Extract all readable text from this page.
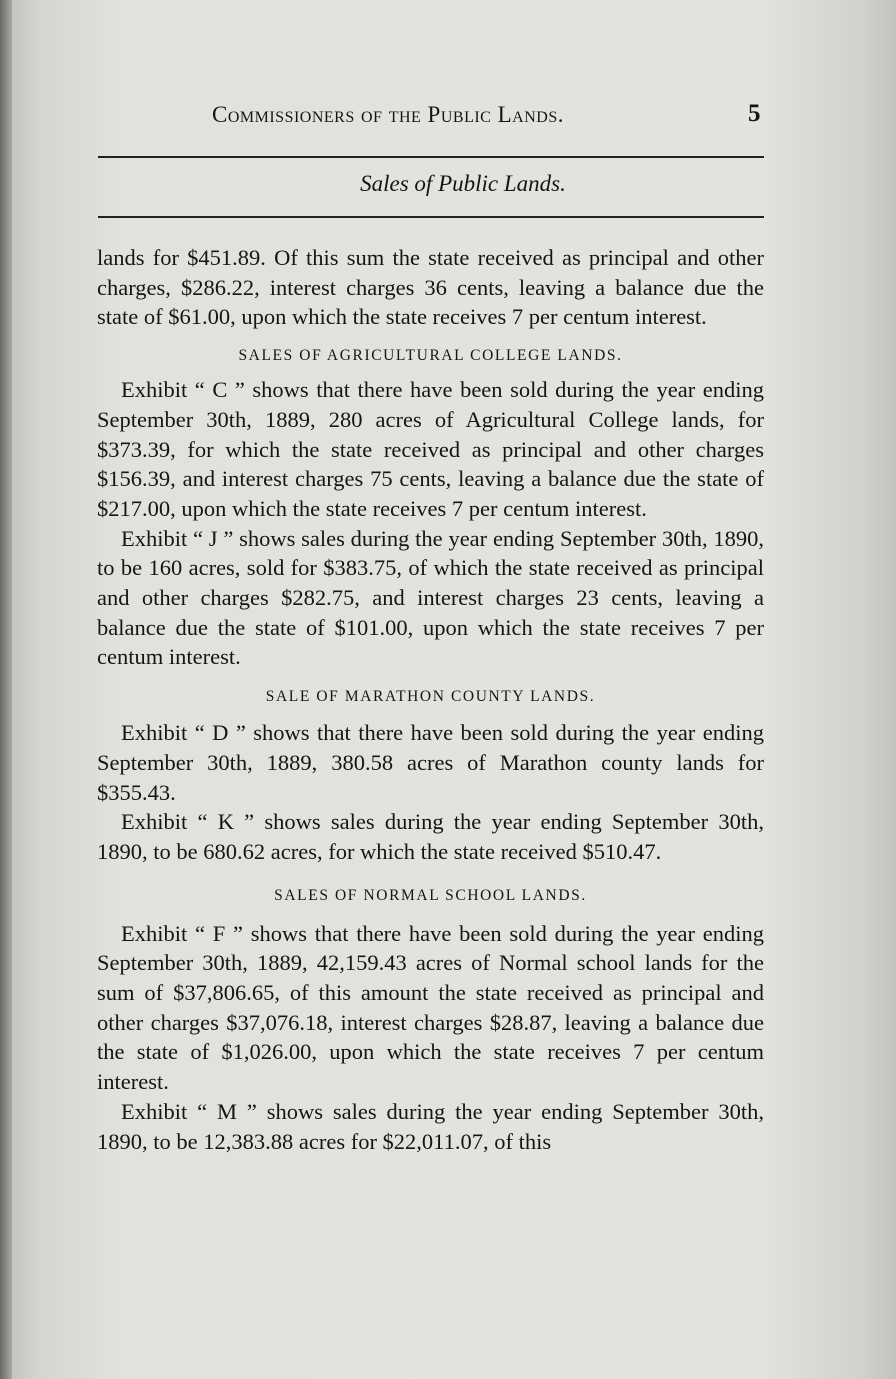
Commissioners of the Public Lands.	5
Sales of Public Lands.

lands for $451.89. Of this sum the state received as principal and other charges, $286.22, interest charges 36 cents, leaving a balance due the state of $61.00, upon which the state receives 7 per centum interest.

SALES OF AGRICULTURAL COLLEGE LANDS.

Exhibit “ C ” shows that there have been sold during the year ending September 30th, 1889, 280 acres of Agricultural College lands, for $373.39, for which the state received as principal and other charges $156.39, and interest charges 75 cents, leaving a balance due the state of $217.00, upon which the state receives 7 per centum interest.

Exhibit “ J ” shows sales during the year ending September 30th, 1890, to be 160 acres, sold for $383.75, of which the state received as principal and other charges $282.75, and interest charges 23 cents, leaving a balance due the state of $101.00, upon which the state receives 7 per centum interest.

SALE OF MARATHON COUNTY LANDS.

Exhibit “ D ” shows that there have been sold during the year ending September 30th, 1889, 380.58 acres of Marathon county lands for $355.43.

Exhibit “ K ” shows sales during the year ending September 30th, 1890, to be 680.62 acres, for which the state received $510.47.

SALES OF NORMAL SCHOOL LANDS.

Exhibit “ F ” shows that there have been sold during the year ending September 30th, 1889, 42,159.43 acres of Normal school lands for the sum of $37,806.65, of this amount the state received as principal and other charges $37,076.18, interest charges $28.87, leaving a balance due the state of $1,026.00, upon which the state receives 7 per centum interest.

Exhibit “ M ” shows sales during the year ending September 30th, 1890, to be 12,383.88 acres for $22,011.07, of this
